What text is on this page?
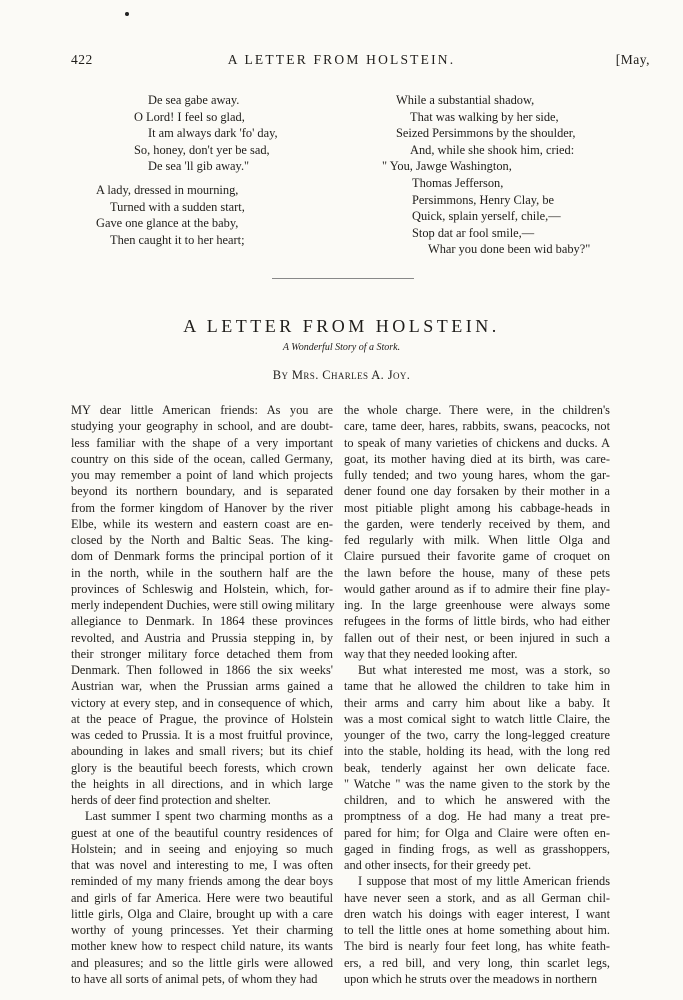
422	A LETTER FROM HOLSTEIN.	[May,
De sea gabe away.
O Lord! I feel so glad,
It am always dark 'fo' day,
So, honey, don't yer be sad,
De sea 'll gib away."
A lady, dressed in mourning,
Turned with a sudden start,
Gave one glance at the baby,
Then caught it to her heart;
While a substantial shadow,
That was walking by her side,
Seized Persimmons by the shoulder,
And, while she shook him, cried:
" You, Jawge Washington,
Thomas Jefferson,
Persimmons, Henry Clay, be
Quick, splain yerself, chile,—
Stop dat ar fool smile,—
Whar you done been wid baby?"
A LETTER FROM HOLSTEIN.
A Wonderful Story of a Stork.
By Mrs. Charles A. Joy.
MY dear little American friends: As you are
studying your geography in school, and are doubt-
less familiar with the shape of a very important
country on this side of the ocean, called Germany,
you may remember a point of land which projects
beyond its northern boundary, and is separated
from the former kingdom of Hanover by the river
Elbe, while its western and eastern coast are en-
closed by the North and Baltic Seas. The king-
dom of Denmark forms the principal portion of it
in the north, while in the southern half are the
provinces of Schleswig and Holstein, which, for-
merly independent Duchies, were still owing military
allegiance to Denmark. In 1864 these provinces
revolted, and Austria and Prussia stepping in, by
their stronger military force detached them from
Denmark. Then followed in 1866 the six weeks'
Austrian war, when the Prussian arms gained a
victory at every step, and in consequence of which,
at the peace of Prague, the province of Holstein
was ceded to Prussia. It is a most fruitful province,
abounding in lakes and small rivers; but its chief
glory is the beautiful beech forests, which crown
the heights in all directions, and in which large
herds of deer find protection and shelter.
Last summer I spent two charming months as a
guest at one of the beautiful country residences of
Holstein; and in seeing and enjoying so much
that was novel and interesting to me, I was often
reminded of my many friends among the dear boys
and girls of far America. Here were two beautiful
little girls, Olga and Claire, brought up with a care
worthy of young princesses. Yet their charming
mother knew how to respect child nature, its wants
and pleasures; and so the little girls were allowed
to have all sorts of animal pets, of whom they had
the whole charge. There were, in the children's
care, tame deer, hares, rabbits, swans, peacocks, not
to speak of many varieties of chickens and ducks. A
goat, its mother having died at its birth, was care-
fully tended; and two young hares, whom the gar-
dener found one day forsaken by their mother in a
most pitiable plight among his cabbage-heads in
the garden, were tenderly received by them, and
fed regularly with milk. When little Olga and
Claire pursued their favorite game of croquet on
the lawn before the house, many of these pets
would gather around as if to admire their fine play-
ing. In the large greenhouse were always some
refugees in the forms of little birds, who had either
fallen out of their nest, or been injured in such a
way that they needed looking after.
But what interested me most, was a stork, so
tame that he allowed the children to take him in
their arms and carry him about like a baby. It
was a most comical sight to watch little Claire, the
younger of the two, carry the long-legged creature
into the stable, holding its head, with the long red
beak, tenderly against her own delicate face.
" Watche " was the name given to the stork by the
children, and to which he answered with the
promptness of a dog. He had many a treat pre-
pared for him; for Olga and Claire were often en-
gaged in finding frogs, as well as grasshoppers,
and other insects, for their greedy pet.
I suppose that most of my little American friends
have never seen a stork, and as all German chil-
dren watch his doings with eager interest, I want
to tell the little ones at home something about him.
The bird is nearly four feet long, has white feath-
ers, a red bill, and very long, thin scarlet legs,
upon which he struts over the meadows in northern
